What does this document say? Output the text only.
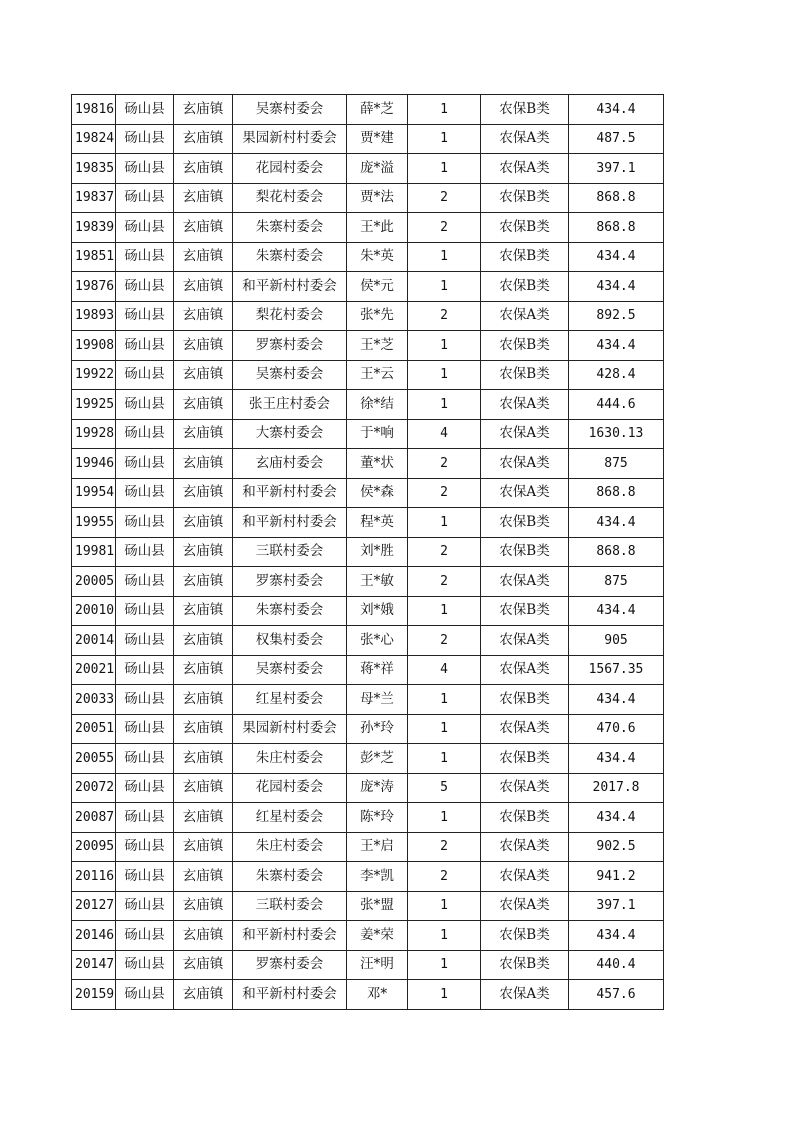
19816	砀山县	玄庙镇	吴寨村委会	薛*芝	1	农保B类	434.4
19824	砀山县	玄庙镇	果园新村村委会	贾*建	1	农保A类	487.5
19835	砀山县	玄庙镇	花园村委会	庞*溢	1	农保A类	397.1
19837	砀山县	玄庙镇	梨花村委会	贾*法	2	农保B类	868.8
19839	砀山县	玄庙镇	朱寨村委会	王*此	2	农保B类	868.8
19851	砀山县	玄庙镇	朱寨村委会	朱*英	1	农保B类	434.4
19876	砀山县	玄庙镇	和平新村村委会	侯*元	1	农保B类	434.4
19893	砀山县	玄庙镇	梨花村委会	张*先	2	农保A类	892.5
19908	砀山县	玄庙镇	罗寨村委会	王*芝	1	农保B类	434.4
19922	砀山县	玄庙镇	吴寨村委会	王*云	1	农保B类	428.4
19925	砀山县	玄庙镇	张王庄村委会	徐*结	1	农保A类	444.6
19928	砀山县	玄庙镇	大寨村委会	于*响	4	农保A类	1630.13
19946	砀山县	玄庙镇	玄庙村委会	董*状	2	农保A类	875
19954	砀山县	玄庙镇	和平新村村委会	侯*森	2	农保A类	868.8
19955	砀山县	玄庙镇	和平新村村委会	程*英	1	农保B类	434.4
19981	砀山县	玄庙镇	三联村委会	刘*胜	2	农保B类	868.8
20005	砀山县	玄庙镇	罗寨村委会	王*敏	2	农保A类	875
20010	砀山县	玄庙镇	朱寨村委会	刘*娥	1	农保B类	434.4
20014	砀山县	玄庙镇	权集村委会	张*心	2	农保A类	905
20021	砀山县	玄庙镇	吴寨村委会	蒋*祥	4	农保A类	1567.35
20033	砀山县	玄庙镇	红星村委会	母*兰	1	农保B类	434.4
20051	砀山县	玄庙镇	果园新村村委会	孙*玲	1	农保A类	470.6
20055	砀山县	玄庙镇	朱庄村委会	彭*芝	1	农保B类	434.4
20072	砀山县	玄庙镇	花园村委会	庞*涛	5	农保A类	2017.8
20087	砀山县	玄庙镇	红星村委会	陈*玲	1	农保B类	434.4
20095	砀山县	玄庙镇	朱庄村委会	王*启	2	农保A类	902.5
20116	砀山县	玄庙镇	朱寨村委会	李*凯	2	农保A类	941.2
20127	砀山县	玄庙镇	三联村委会	张*盟	1	农保A类	397.1
20146	砀山县	玄庙镇	和平新村村委会	姜*荣	1	农保B类	434.4
20147	砀山县	玄庙镇	罗寨村委会	汪*明	1	农保B类	440.4
20159	砀山县	玄庙镇	和平新村村委会	邓*	1	农保A类	457.6
